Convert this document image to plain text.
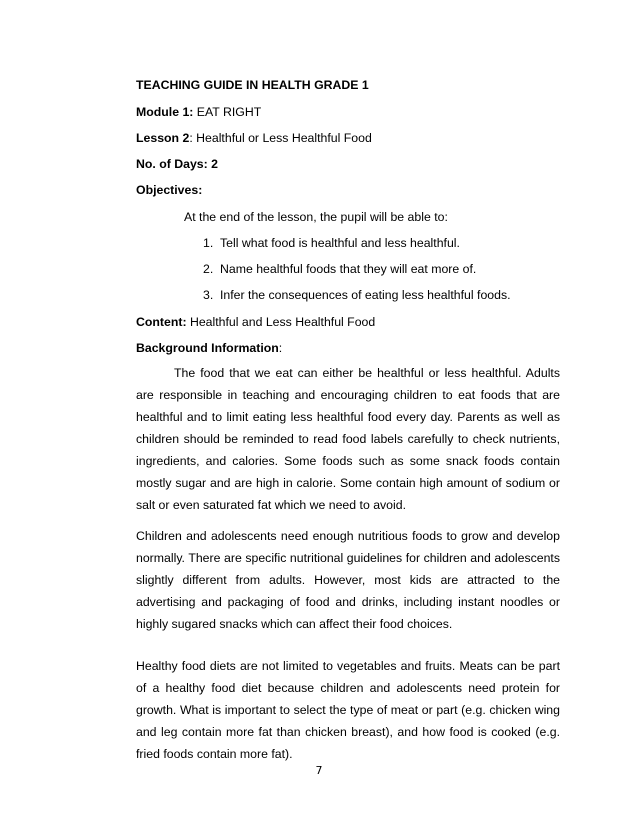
TEACHING GUIDE IN HEALTH GRADE 1
Module 1: EAT RIGHT
Lesson 2: Healthful or Less Healthful Food
No. of Days: 2
Objectives:
At the end of the lesson, the pupil will be able to:
1. Tell what food is healthful and less healthful.
2. Name healthful foods that they will eat more of.
3. Infer the consequences of eating less healthful foods.
Content: Healthful and Less Healthful Food
Background Information:

The food that we eat can either be healthful or less healthful. Adults are responsible in teaching and encouraging children to eat foods that are healthful and to limit eating less healthful food every day. Parents as well as children should be reminded to read food labels carefully to check nutrients, ingredients, and calories. Some foods such as some snack foods contain mostly sugar and are high in calorie. Some contain high amount of sodium or salt or even saturated fat which we need to avoid.

Children and adolescents need enough nutritious foods to grow and develop normally. There are specific nutritional guidelines for children and adolescents slightly different from adults. However, most kids are attracted to the advertising and packaging of food and drinks, including instant noodles or highly sugared snacks which can affect their food choices.

Healthy food diets are not limited to vegetables and fruits. Meats can be part of a healthy food diet because children and adolescents need protein for growth. What is important to select the type of meat or part (e.g. chicken wing and leg contain more fat than chicken breast), and how food is cooked (e.g. fried foods contain more fat).

7
